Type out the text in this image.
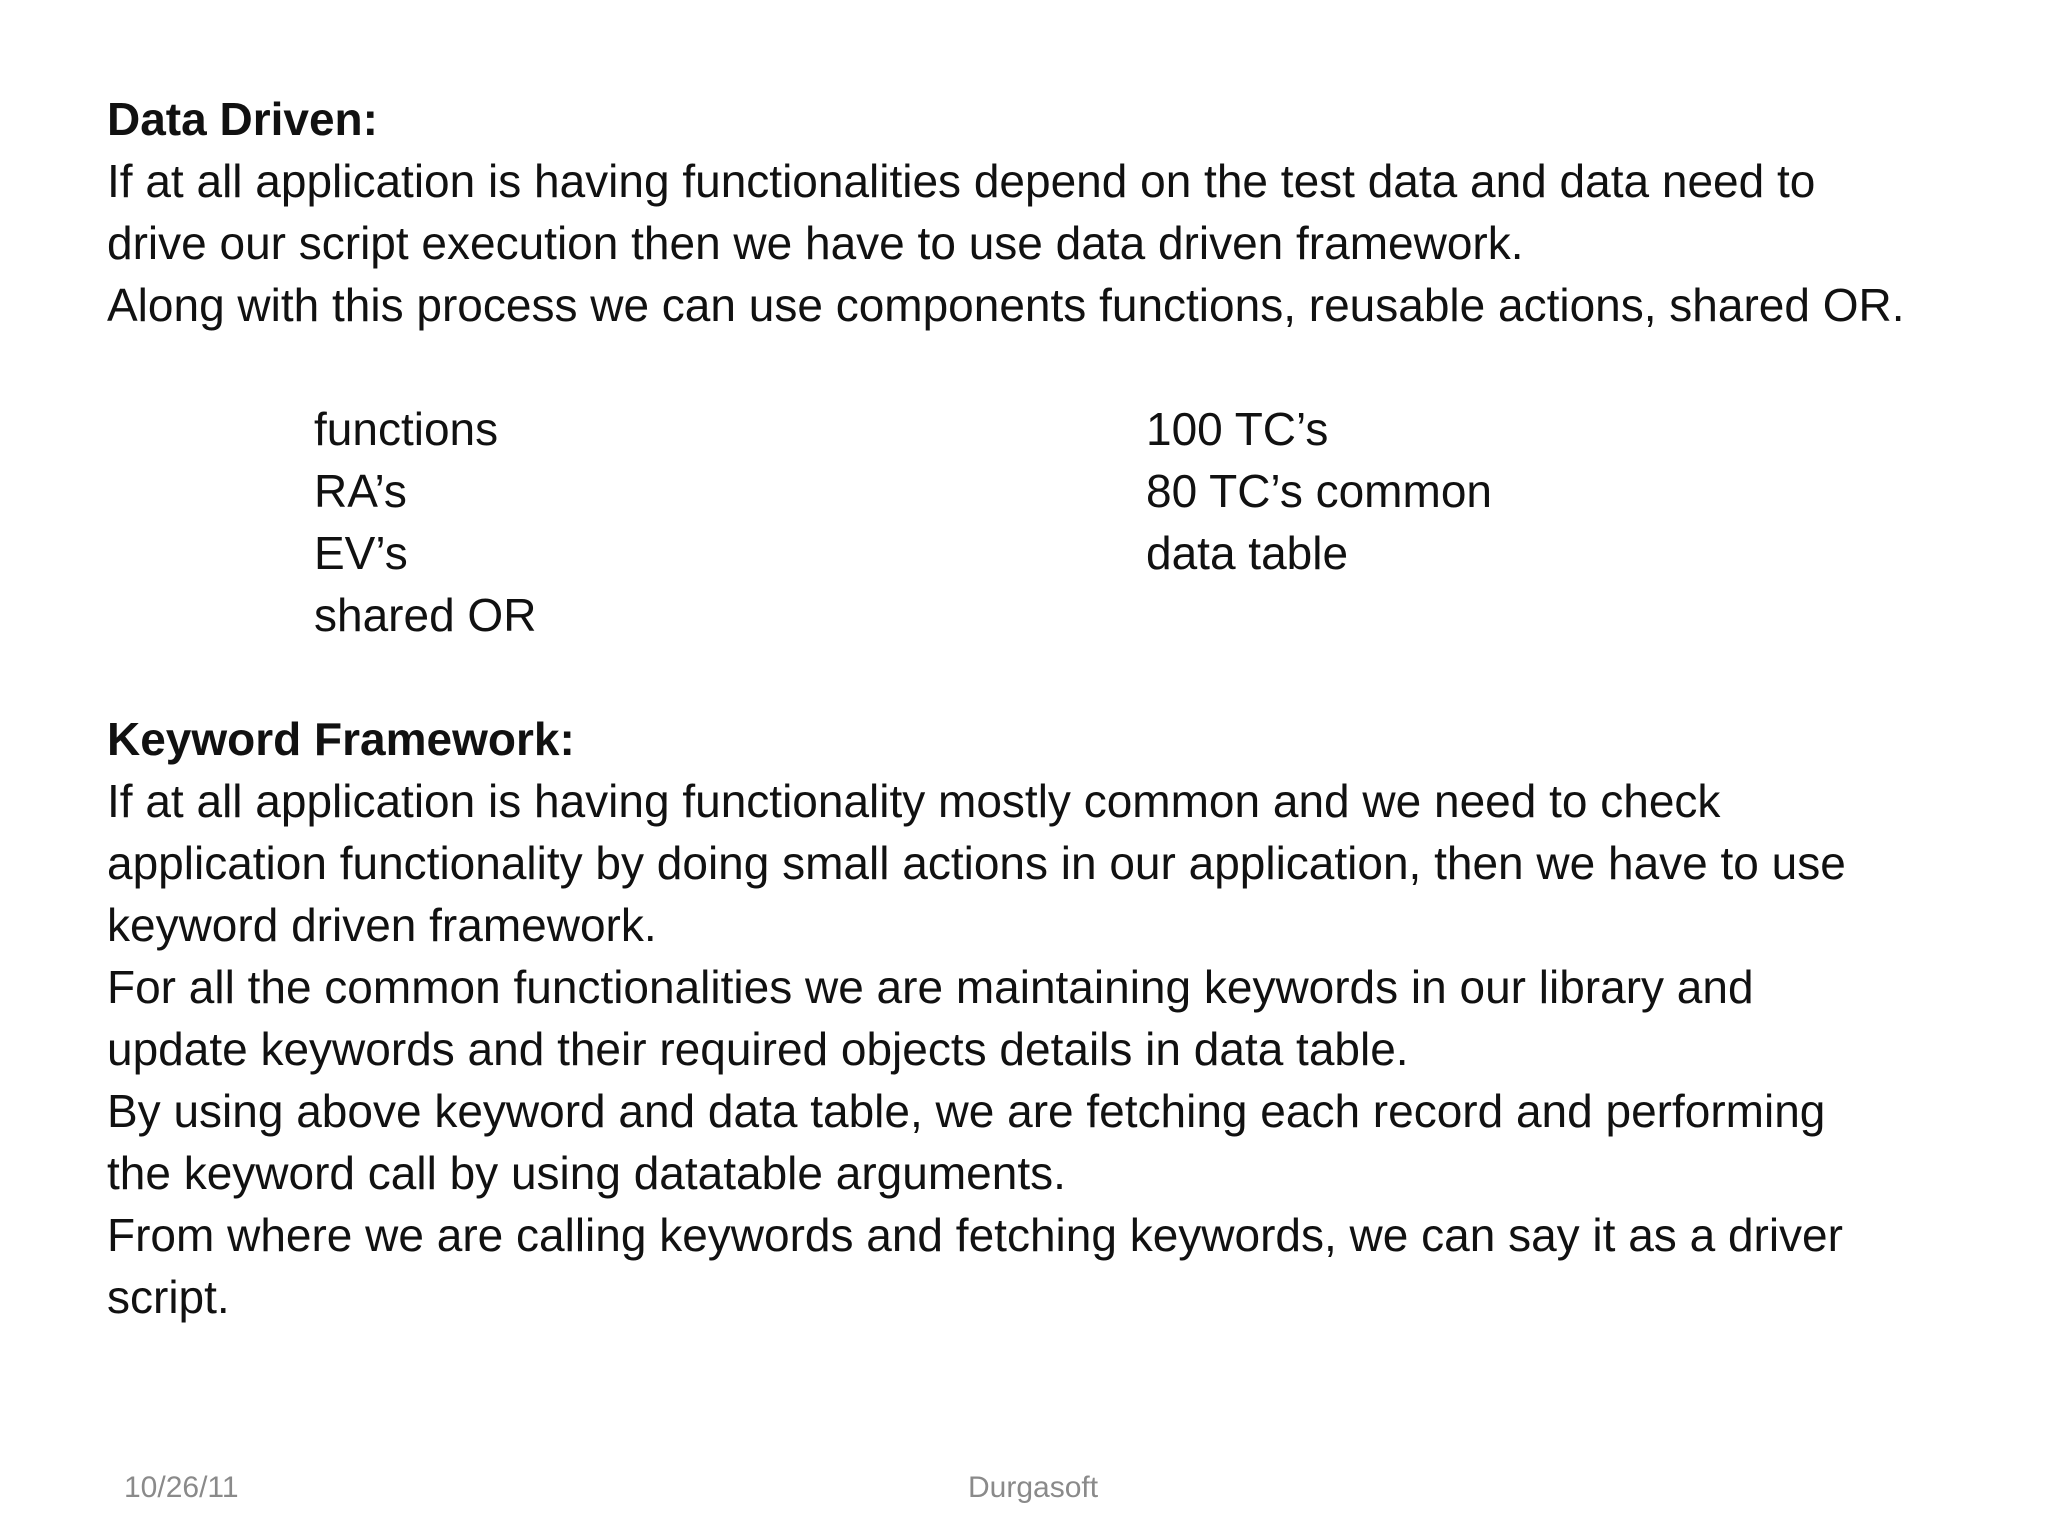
Data Driven:
If at all application is having functionalities depend on the test data and data need to
drive our script execution then we have to use data driven framework.
Along with this process we can use components functions, reusable actions, shared OR.
functions
RA’s
EV’s
shared OR
100 TC’s
80 TC’s common
data table
Keyword Framework:
If at all application is having functionality mostly common and we need to check
application functionality by doing small actions in our application, then we have to use
keyword driven framework.
For all the common functionalities we are maintaining keywords in our library and
update keywords and their required objects details in data table.
By using above keyword and data table, we are fetching each record and performing
the keyword call by using datatable arguments.
From where we are calling keywords and fetching keywords, we can say it as a driver
script.
10/26/11	Durgasoft
